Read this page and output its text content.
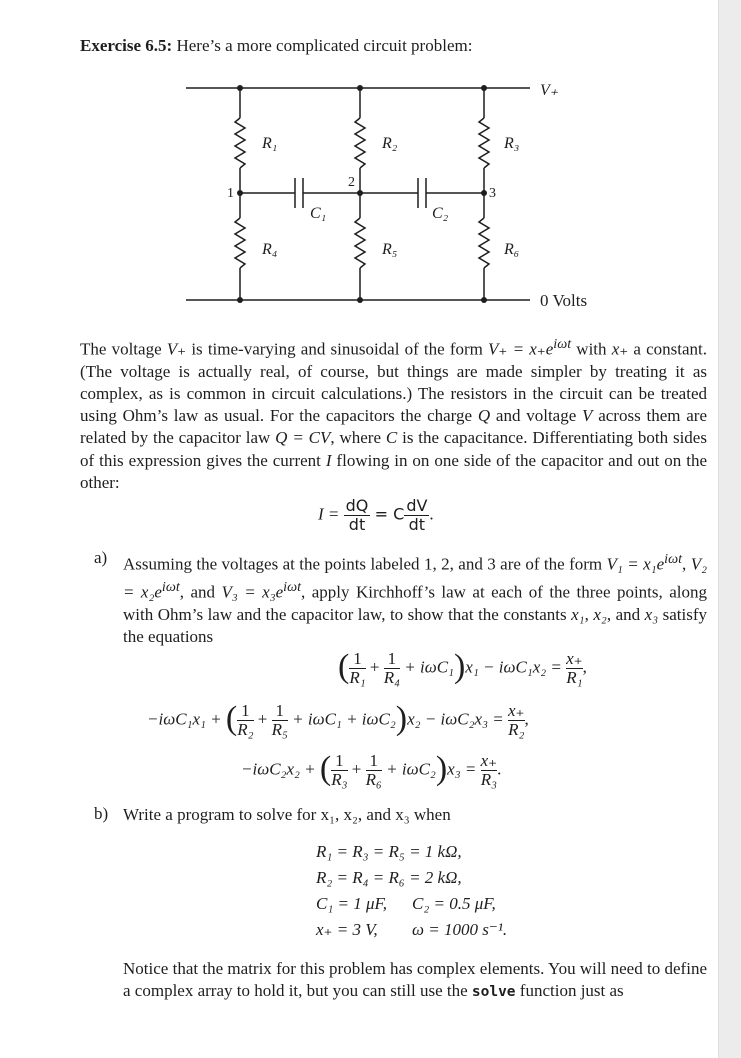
Exercise 6.5: Here’s a more complicated circuit problem:
R₁	R₂	R₃
R₄	R₅	R₆
C₁	C₂
V₊
1
2
3
0 Volts
The voltage V₊ is time-varying and sinusoidal of the form $V_+ = x_+e^{i\omega t}$ with x₊ a constant. (The voltage is actually real, of course, but things are made simpler by treating it as complex, as is common in circuit calculations.) The resistors in the circuit can be treated using Ohm’s law as usual. For the capacitors the charge Q and voltage V across them are related by the capacitor law Q = CV, where C is the capacitance. Differentiating both sides of this expression gives the current I flowing in on one side of the capacitor and out on the other:
$I = \frac{dQ}{dt} = C \frac{dV}{dt}$ .
a) Assuming the voltages at the points labeled 1, 2, and 3 are of the form $V_1 = x_1e^{i\omega t}$, $V_2 = x_2e^{i\omega t}$, and $V_3 = x_3e^{i\omega t}$, apply Kirchhoff’s law at each of the three points, along with Ohm’s law and the capacitor law, to show that the constants x₁, x₂, and x₃ satisfy the equations
( $\frac{1}{\text{R₁}} + \frac{1}{\text{R₄}} + i\omega C_1)x_1 - i\omega C_1x_2 = \frac{x_+}{\text{R₁}}$ ,
−iωC₁x₁ + ( $\frac{1}{\text{R₂}} + \frac{1}{\text{R₅}} + i\omega C_1 + i\omega C_2)x_2 - i\omega C_2x_3 = \frac{x_+}{\text{R₂}}$ ,
−iωC₂x₂ + ( $\frac{1}{\text{R₃}} + \frac{1}{\text{R₆}} + i\omega C_2)x_3 = \frac{x_+}{\text{R₃}}$ .
b) Write a program to solve for x₁, x₂, and x₃ when
R₁ = R₃ = R₅ = 1 kΩ,
R₂ = R₄ = R₆ = 2 kΩ,
C₁ = 1 μF, C₂ = 0.5 μF,
x₊ = 3 V, ω = 1000 s⁻¹.
Notice that the matrix for this problem has complex elements. You will need to define a complex array to hold it, but you can still use the solve function just as
